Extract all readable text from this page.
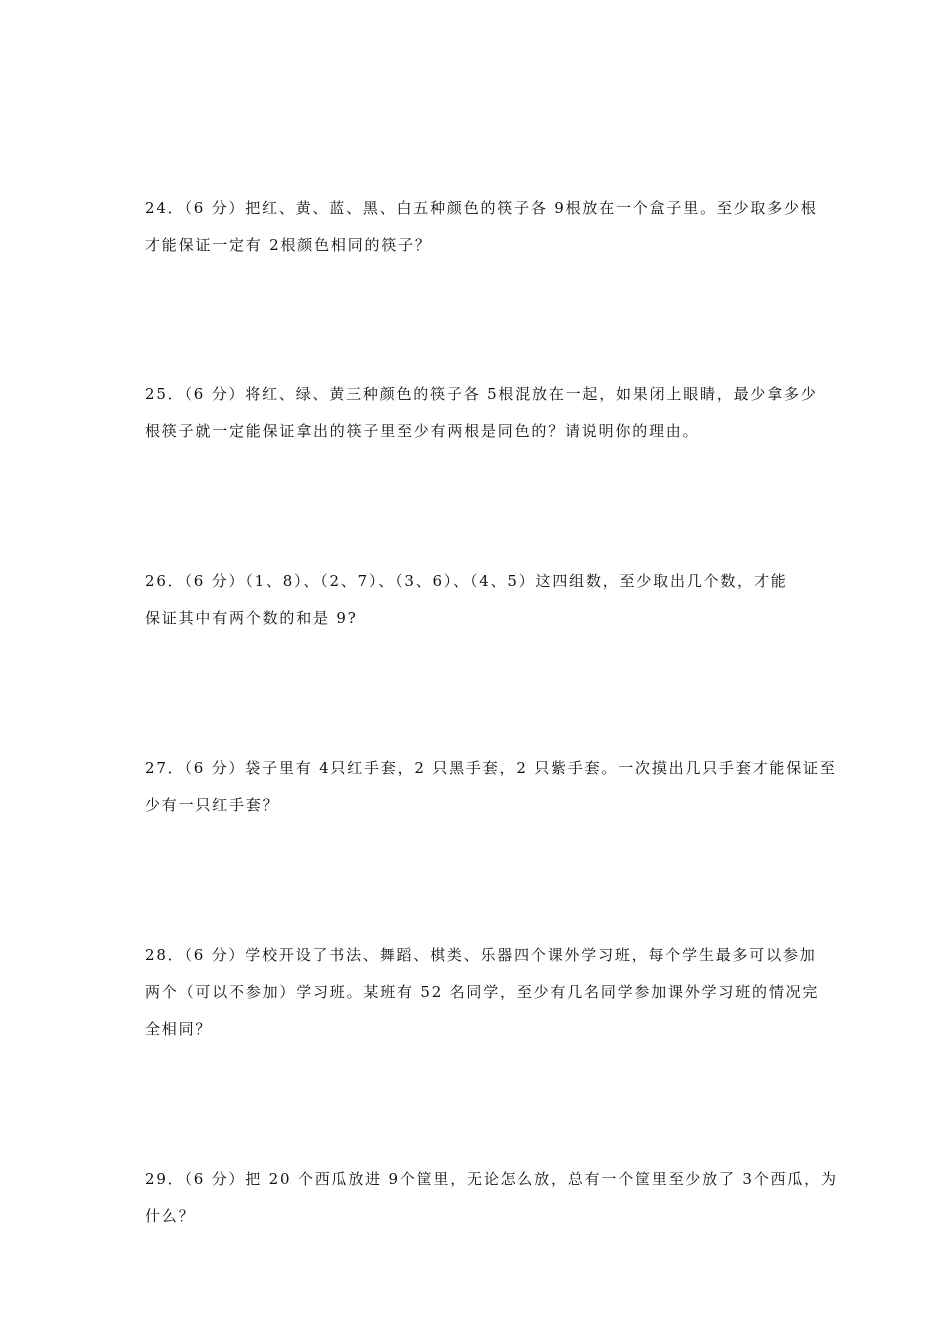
24．（6 分）把红、黄、蓝、黑、白五种颜色的筷子各 9根放在一个盒子里。至少取多少根
才能保证一定有 2根颜色相同的筷子？
25．（6 分）将红、绿、黄三种颜色的筷子各 5根混放在一起，如果闭上眼睛，最少拿多少
根筷子就一定能保证拿出的筷子里至少有两根是同色的？请说明你的理由。
26．（6 分）（1、8）、（2、7）、（3、6）、（4、5）这四组数，至少取出几个数，才能
保证其中有两个数的和是 9?
27．（6 分）袋子里有 4只红手套，2 只黑手套，2 只紫手套。一次摸出几只手套才能保证至
少有一只红手套？
28．（6 分）学校开设了书法、舞蹈、棋类、乐器四个课外学习班，每个学生最多可以参加
两个（可以不参加）学习班。某班有 52 名同学，至少有几名同学参加课外学习班的情况完
全相同？
29．（6 分）把 20 个西瓜放进 9个筐里，无论怎么放，总有一个筐里至少放了 3个西瓜，为
什么？
